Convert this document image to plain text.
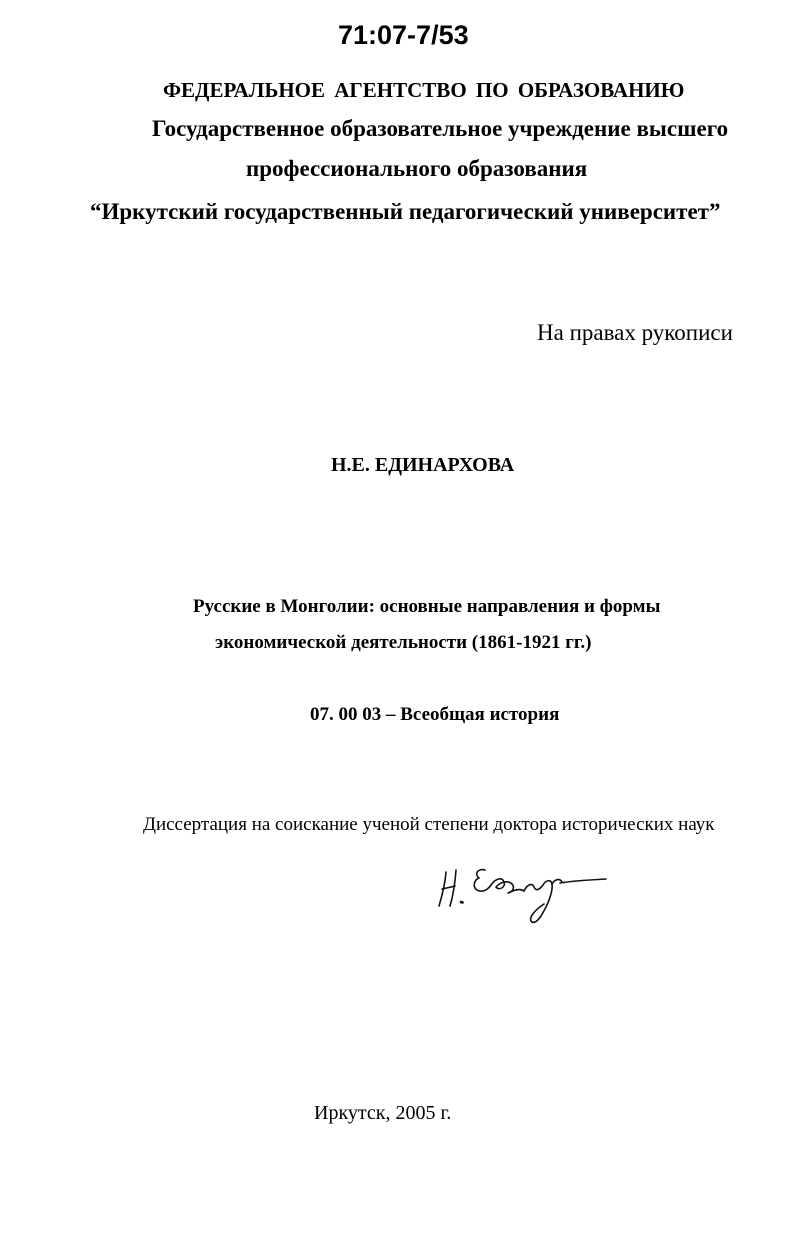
71:07-7/53
ФЕДЕРАЛЬНОЕ АГЕНТСТВО ПО ОБРАЗОВАНИЮ
Государственное образовательное учреждение высшего
профессионального образования
“Иркутский государственный педагогический университет”
На правах рукописи
Н.Е. ЕДИНАРХОВА
Русские в Монголии: основные направления и формы
экономической деятельности (1861-1921 гг.)
07. 00 03 – Всеобщая история
Диссертация на соискание ученой степени доктора исторических наук
Иркутск, 2005 г.
